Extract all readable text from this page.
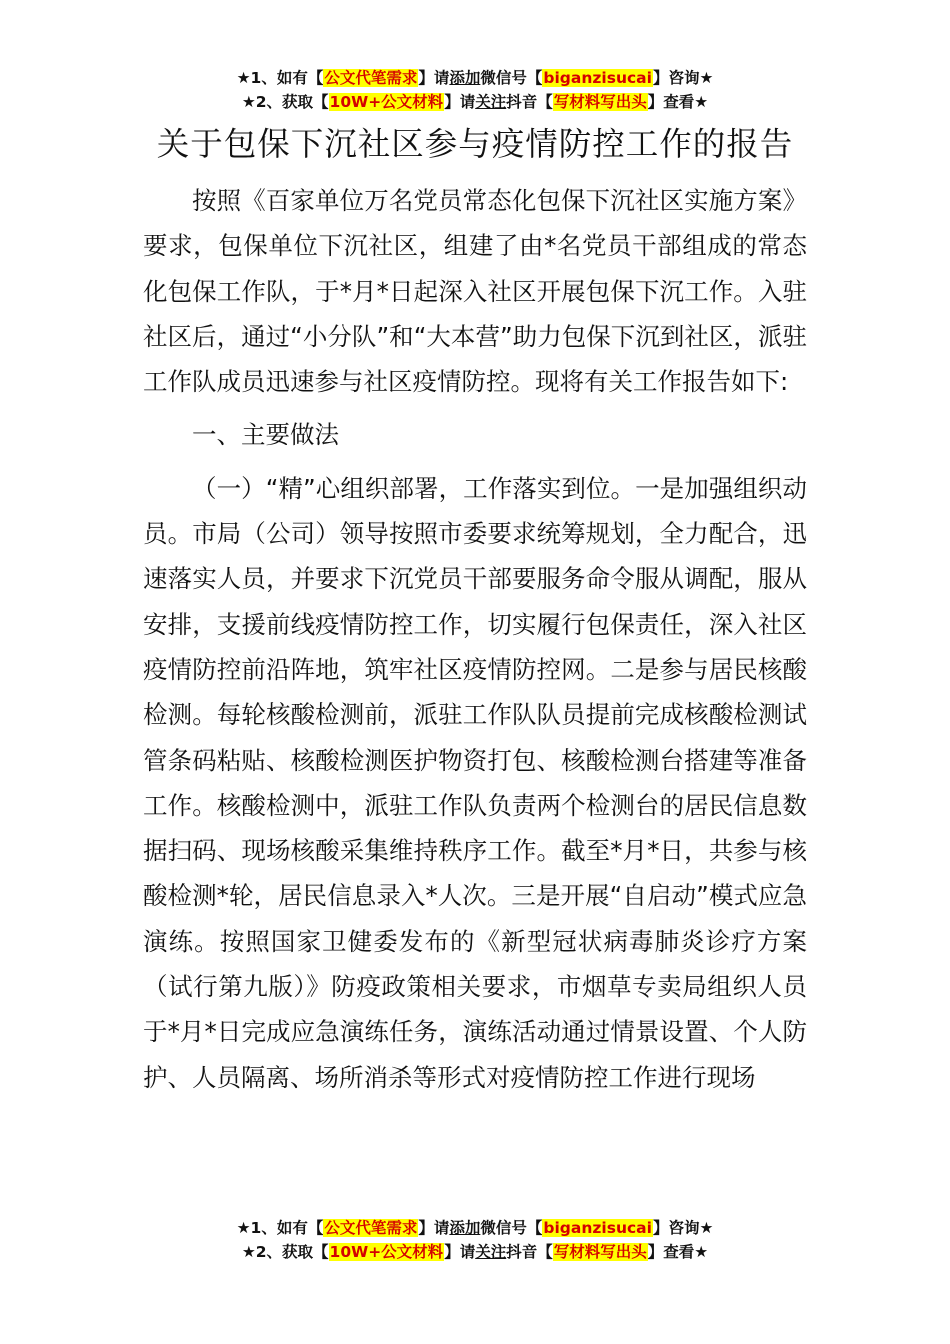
★1、如有【公文代笔需求】请添加微信号【biganzisucai】咨询★
★2、获取【10W+公文材料】请关注抖音【写材料写出头】查看★
关于包保下沉社区参与疫情防控工作的报告

按照《百家单位万名党员常态化包保下沉社区实施方案》要求，包保单位下沉社区，组建了由*名党员干部组成的常态化包保工作队，于*月*日起深入社区开展包保下沉工作。入驻社区后，通过“小分队”和“大本营”助力包保下沉到社区，派驻工作队成员迅速参与社区疫情防控。现将有关工作报告如下:

一、主要做法

（一）“精”心组织部署，工作落实到位。一是加强组织动员。市局（公司）领导按照市委要求统筹规划，全力配合，迅速落实人员，并要求下沉党员干部要服务命令服从调配，服从安排，支援前线疫情防控工作，切实履行包保责任，深入社区疫情防控前沿阵地，筑牢社区疫情防控网。二是参与居民核酸检测。每轮核酸检测前，派驻工作队队员提前完成核酸检测试管条码粘贴、核酸检测医护物资打包、核酸检测台搭建等准备工作。核酸检测中，派驻工作队负责两个检测台的居民信息数据扫码、现场核酸采集维持秩序工作。截至*月*日，共参与核酸检测*轮，居民信息录入*人次。三是开展“自启动”模式应急演练。按照国家卫健委发布的《新型冠状病毒肺炎诊疗方案（试行第九版）》防疫政策相关要求，市烟草专卖局组织人员于*月*日完成应急演练任务，演练活动通过情景设置、个人防护、人员隔离、场所消杀等形式对疫情防控工作进行现场

★1、如有【公文代笔需求】请添加微信号【biganzisucai】咨询★
★2、获取【10W+公文材料】请关注抖音【写材料写出头】查看★
